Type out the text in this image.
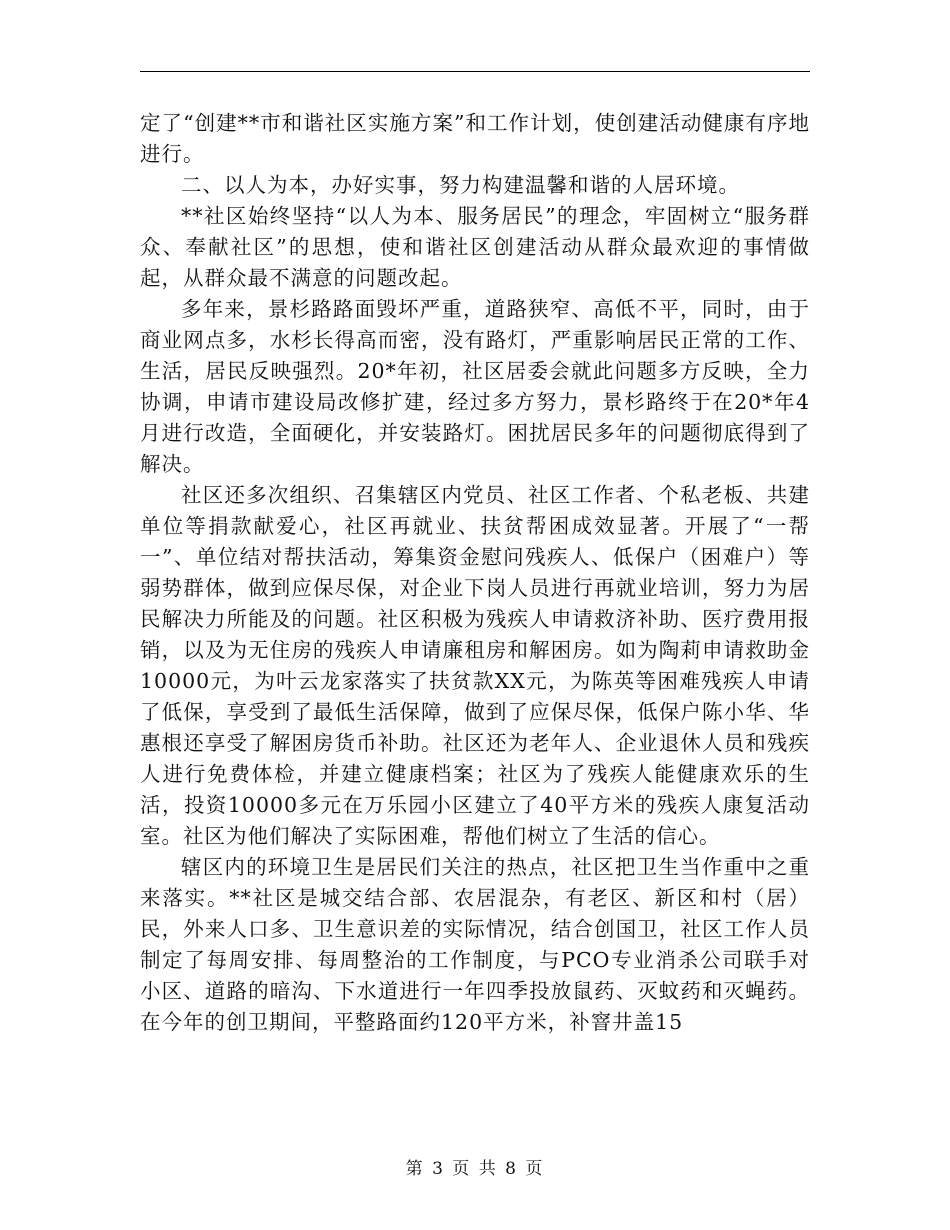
定了“创建**市和谐社区实施方案”和工作计划，使创建活动健康有序地进行。

二、以人为本，办好实事，努力构建温馨和谐的人居环境。

**社区始终坚持“以人为本、服务居民”的理念，牢固树立“服务群众、奉献社区”的思想，使和谐社区创建活动从群众最欢迎的事情做起，从群众最不满意的问题改起。

多年来，景杉路路面毁坏严重，道路狭窄、高低不平，同时，由于商业网点多，水杉长得高而密，没有路灯，严重影响居民正常的工作、生活，居民反映强烈。20*年初，社区居委会就此问题多方反映，全力协调，申请市建设局改修扩建，经过多方努力，景杉路终于在20*年4月进行改造，全面硬化，并安装路灯。困扰居民多年的问题彻底得到了解决。

社区还多次组织、召集辖区内党员、社区工作者、个私老板、共建单位等捐款献爱心，社区再就业、扶贫帮困成效显著。开展了“一帮一”、单位结对帮扶活动，筹集资金慰问残疾人、低保户（困难户）等弱势群体，做到应保尽保，对企业下岗人员进行再就业培训，努力为居民解决力所能及的问题。社区积极为残疾人申请救济补助、医疗费用报销，以及为无住房的残疾人申请廉租房和解困房。如为陶莉申请救助金10000元，为叶云龙家落实了扶贫款XX元，为陈英等困难残疾人申请了低保，享受到了最低生活保障，做到了应保尽保，低保户陈小华、华惠根还享受了解困房货币补助。社区还为老年人、企业退休人员和残疾人进行免费体检，并建立健康档案；社区为了残疾人能健康欢乐的生活，投资10000多元在万乐园小区建立了40平方米的残疾人康复活动室。社区为他们解决了实际困难，帮他们树立了生活的信心。

辖区内的环境卫生是居民们关注的热点，社区把卫生当作重中之重来落实。**社区是城交结合部、农居混杂，有老区、新区和村（居）民，外来人口多、卫生意识差的实际情况，结合创国卫，社区工作人员制定了每周安排、每周整治的工作制度，与PCO专业消杀公司联手对小区、道路的暗沟、下水道进行一年四季投放鼠药、灭蚊药和灭蝇药。在今年的创卫期间，平整路面约120平方米，补窨井盖15

第 3 页 共 8 页
